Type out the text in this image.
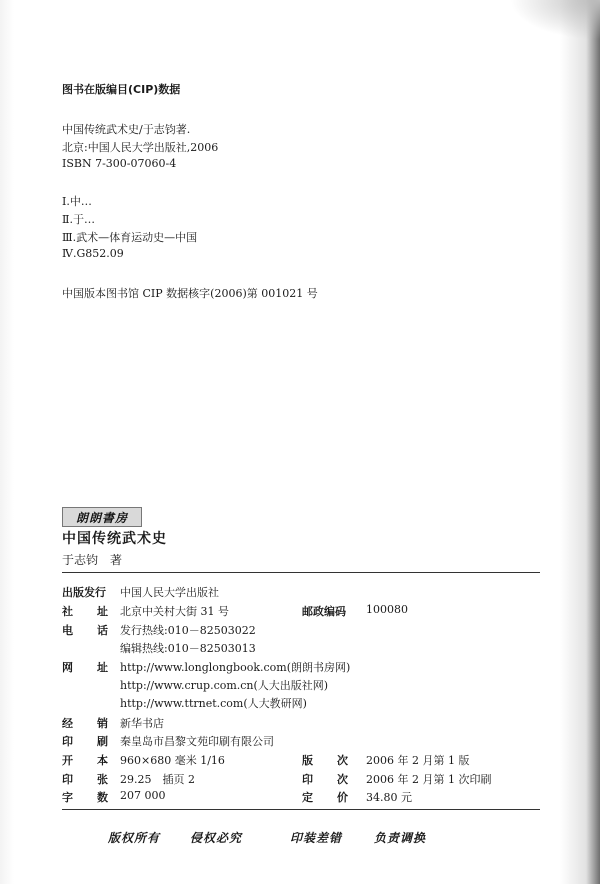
图书在版编目(CIP)数据
中国传统武术史/于志钧著.
北京:中国人民大学出版社,2006
ISBN 7-300-07060-4
Ⅰ.中…
Ⅱ.于…
Ⅲ.武术—体育运动史—中国
Ⅳ.G852.09
中国版本图书馆 CIP 数据核字(2006)第 001021 号
朗朗書房
中国传统武术史
于志钧　著
出版发行 中国人民大学出版社
社 址 北京中关村大街 31 号	邮政编码 100080
电 话 发行热线:010－82503022
编辑热线:010－82503013
网 址 http://www.longlongbook.com(朗朗书房网)
http://www.crup.com.cn(人大出版社网)
http://www.ttrnet.com(人大教研网)
经 销 新华书店
印 刷 秦皇岛市昌黎文苑印刷有限公司
开 本 960×680 毫米 1/16	版 次 2006 年 2 月第 1 版
印 张 29.25　插页 2	印 次 2006 年 2 月第 1 次印刷
字 数 207 000	定 价 34.80 元
版权所有 侵权必究	印装差错	负责调换
